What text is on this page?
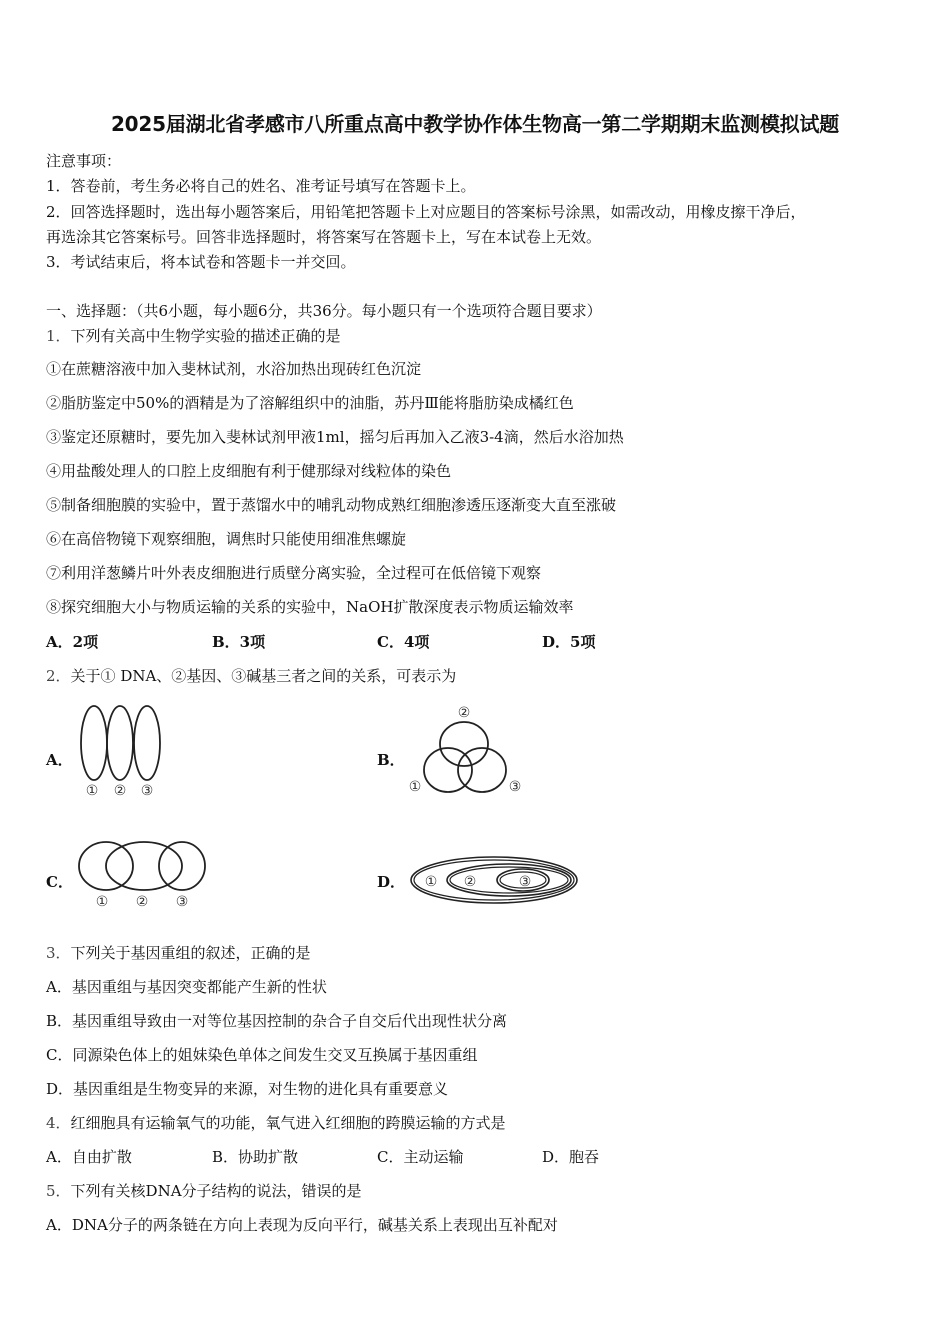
2025届湖北省孝感市八所重点高中教学协作体生物高一第二学期期末监测模拟试题
注意事项：
1．答卷前，考生务必将自己的姓名、准考证号填写在答题卡上。
2．回答选择题时，选出每小题答案后，用铅笔把答题卡上对应题目的答案标号涂黑，如需改动，用橡皮擦干净后，
再选涂其它答案标号。回答非选择题时，将答案写在答题卡上，写在本试卷上无效。
3．考试结束后，将本试卷和答题卡一并交回。
一、选择题：（共6小题，每小题6分，共36分。每小题只有一个选项符合题目要求）
1．下列有关高中生物学实验的描述正确的是
①在蔗糖溶液中加入斐林试剂，水浴加热出现砖红色沉淀
②脂肪鉴定中50%的酒精是为了溶解组织中的油脂，苏丹Ⅲ能将脂肪染成橘红色
③鉴定还原糖时，要先加入斐林试剂甲液1ml，摇匀后再加入乙液3-4滴，然后水浴加热
④用盐酸处理人的口腔上皮细胞有利于健那绿对线粒体的染色
⑤制备细胞膜的实验中，置于蒸馏水中的哺乳动物成熟红细胞渗透压逐渐变大直至涨破
⑥在高倍物镜下观察细胞，调焦时只能使用细准焦螺旋
⑦利用洋葱鳞片叶外表皮细胞进行质壁分离实验，全过程可在低倍镜下观察
⑧探究细胞大小与物质运输的关系的实验中，NaOH扩散深度表示物质运输效率
A．2项	B．3项	C．4项	D．5项
2．关于① DNA、②基因、③碱基三者之间的关系，可表示为
A．
① ② ③
B．
②
①	③
C．
① ② ③
D． ① ②	③
3．下列关于基因重组的叙述，正确的是
A．基因重组与基因突变都能产生新的性状
B．基因重组导致由一对等位基因控制的杂合子自交后代出现性状分离
C．同源染色体上的姐妹染色单体之间发生交叉互换属于基因重组
D．基因重组是生物变异的来源，对生物的进化具有重要意义
4．红细胞具有运输氧气的功能，氧气进入红细胞的跨膜运输的方式是
A．自由扩散	B．协助扩散	C．主动运输	D．胞吞
5．下列有关核DNA分子结构的说法，错误的是
A．DNA分子的两条链在方向上表现为反向平行，碱基关系上表现出互补配对
